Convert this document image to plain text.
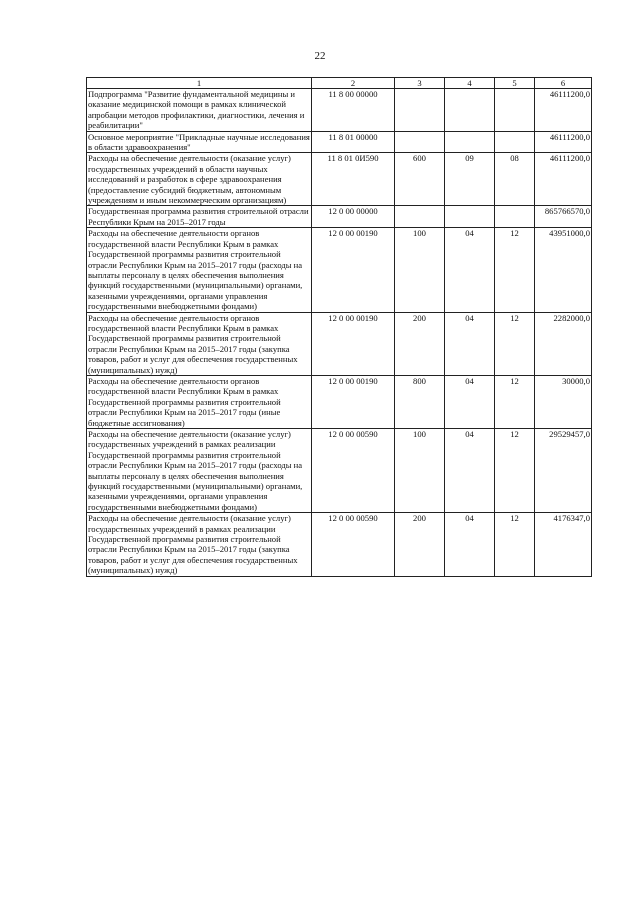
22
1	2	3	4	5	6
Подпрограмма "Развитие фундаментальной медицины и оказание медицинской помощи в рамках клинической апробации методов профилактики, диагностики, лечения и реабилитации"	11 8 00 00000				46111200,0
Основное мероприятие "Прикладные научные исследования в области здравоохранения"	11 8 01 00000				46111200,0
Расходы на обеспечение деятельности (оказание услуг) государственных учреждений в области научных исследований и разработок в сфере здравоохранения (предоставление субсидий бюджетным, автономным учреждениям и иным некоммерческим организациям)	11 8 01 0И590	600	09	08	46111200,0
Государственная программа развития строительной отрасли Республики Крым на 2015–2017 годы	12 0 00 00000				865766570,0
Расходы на обеспечение деятельности органов государственной власти Республики Крым в рамках Государственной программы развития строительной отрасли Республики Крым на 2015–2017 годы (расходы на выплаты персоналу в целях обеспечения выполнения функций государственными (муниципальными) органами, казенными учреждениями, органами управления государственными внебюджетными фондами)	12 0 00 00190	100	04	12	43951000,0
Расходы на обеспечение деятельности органов государственной власти Республики Крым в рамках Государственной программы развития строительной отрасли Республики Крым на 2015–2017 годы (закупка товаров, работ и услуг для обеспечения государственных (муниципальных) нужд)	12 0 00 00190	200	04	12	2282000,0
Расходы на обеспечение деятельности органов государственной власти Республики Крым в рамках Государственной программы развития строительной отрасли Республики Крым на 2015–2017 годы (иные бюджетные ассигнования)	12 0 00 00190	800	04	12	30000,0
Расходы на обеспечение деятельности (оказание услуг) государственных учреждений в рамках реализации Государственной программы развития строительной отрасли Республики Крым на 2015–2017 годы (расходы на выплаты персоналу в целях обеспечения выполнения функций государственными (муниципальными) органами, казенными учреждениями, органами управления государственными внебюджетными фондами)	12 0 00 00590	100	04	12	29529457,0
Расходы на обеспечение деятельности (оказание услуг) государственных учреждений в рамках реализации Государственной программы развития строительной отрасли Республики Крым на 2015–2017 годы (закупка товаров, работ и услуг для обеспечения государственных (муниципальных) нужд)	12 0 00 00590	200	04	12	4176347,0
